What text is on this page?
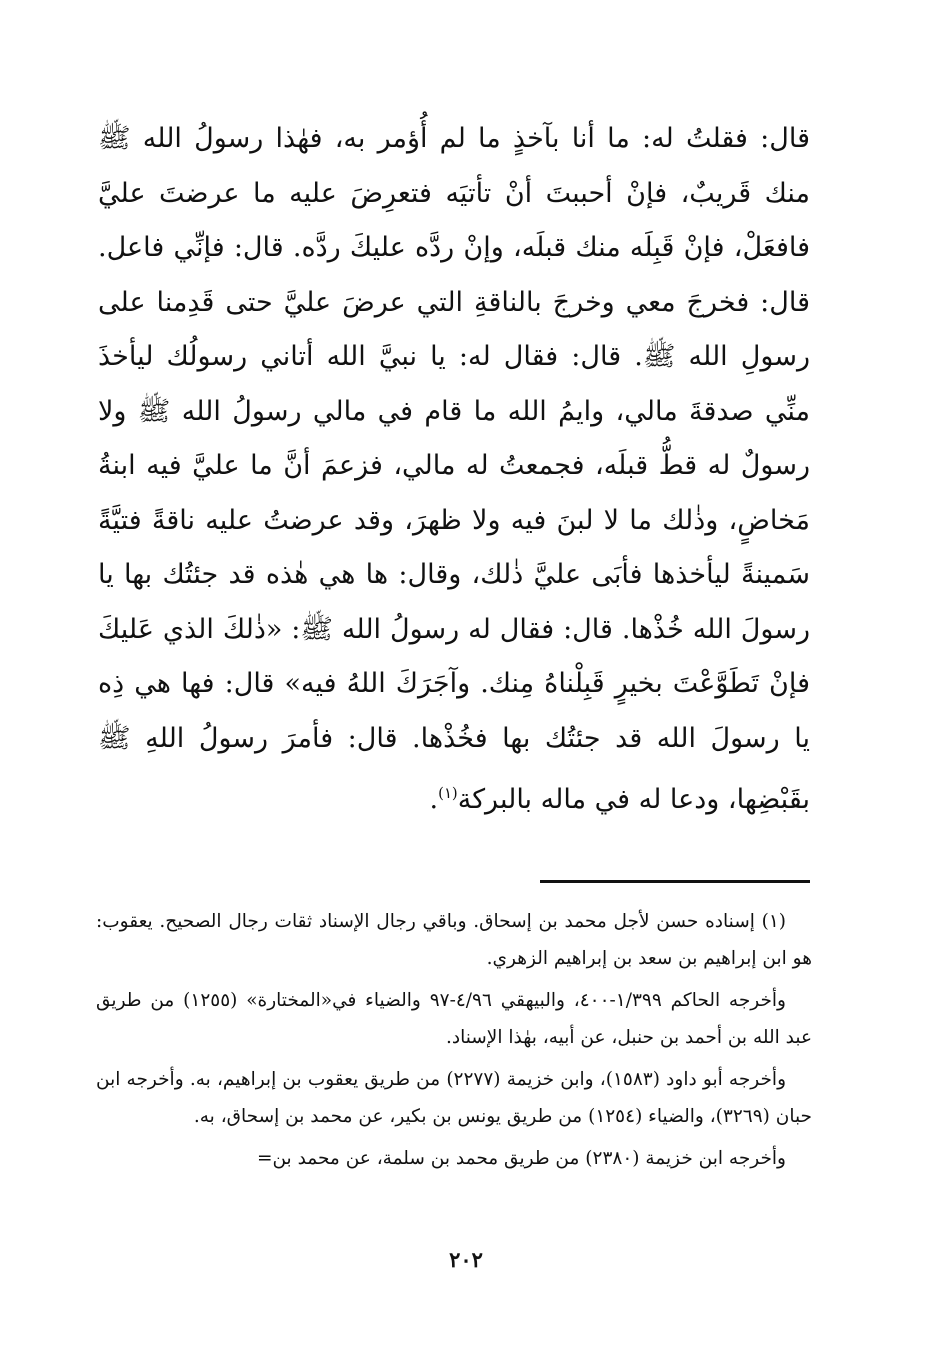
قال: فقلتُ له: ما أنا بآخذٍ ما لم أُؤمر به، فهٰذا رسولُ الله ﷺ منك قَريبٌ، فإنْ أحببتَ أنْ تأتيَه فتعرِضَ عليه ما عرضتَ عليَّ فافعَلْ، فإنْ قَبِلَه منك قبلَه، وإنْ ردَّه عليكَ ردَّه. قال: فإنِّي فاعل. قال: فخرجَ معي وخرجَ بالناقةِ التي عرضَ عليَّ حتى قَدِمنا على رسولِ الله ﷺ. قال: فقال له: يا نبيَّ الله أتاني رسولُك ليأخذَ منِّي صدقةَ مالي، وايمُ الله ما قام في مالي رسولُ الله ﷺ ولا رسولٌ له قطُّ قبلَه، فجمعتُ له مالي، فزعمَ أنَّ ما عليَّ فيه ابنةُ مَخاضٍ، وذٰلك ما لا لبنَ فيه ولا ظهرَ، وقد عرضتُ عليه ناقةً فتيَّةً سَمينةً ليأخذها فأبَى عليَّ ذٰلك، وقال: ها هي هٰذه قد جئتُك بها يا رسولَ الله خُذْها. قال: فقال له رسولُ الله ﷺ: «ذٰلكَ الذي عَليكَ فإنْ تَطَوَّعْتَ بخيرٍ قَبِلْناهُ مِنك. وآجَرَكَ اللهُ فيه» قال: فها هي ذِه يا رسولَ الله قد جئتُك بها فخُذْها. قال: فأمرَ رسولُ اللهِ ﷺ بقَبْضِها، ودعا له في ماله بالبركة$^{(١)}$.

(١) إسناده حسن لأجل محمد بن إسحاق. وباقي رجال الإسناد ثقات رجال الصحيح. يعقوب: هو ابن إبراهيم بن سعد بن إبراهيم الزهري.

وأخرجه الحاكم ١/٣٩٩-٤٠٠، والبيهقي ٤/٩٦-٩٧ والضياء في«المختارة» (١٢٥٥) من طريق عبد الله بن أحمد بن حنبل، عن أبيه، بهٰذا الإسناد.

وأخرجه أبو داود (١٥٨٣)، وابن خزيمة (٢٢٧٧) من طريق يعقوب بن إبراهيم، به. وأخرجه ابن حبان (٣٢٦٩)، والضياء (١٢٥٤) من طريق يونس بن بكير، عن محمد بن إسحاق، به.

وأخرجه ابن خزيمة (٢٣٨٠) من طريق محمد بن سلمة، عن محمد بن=

٢٠٢
